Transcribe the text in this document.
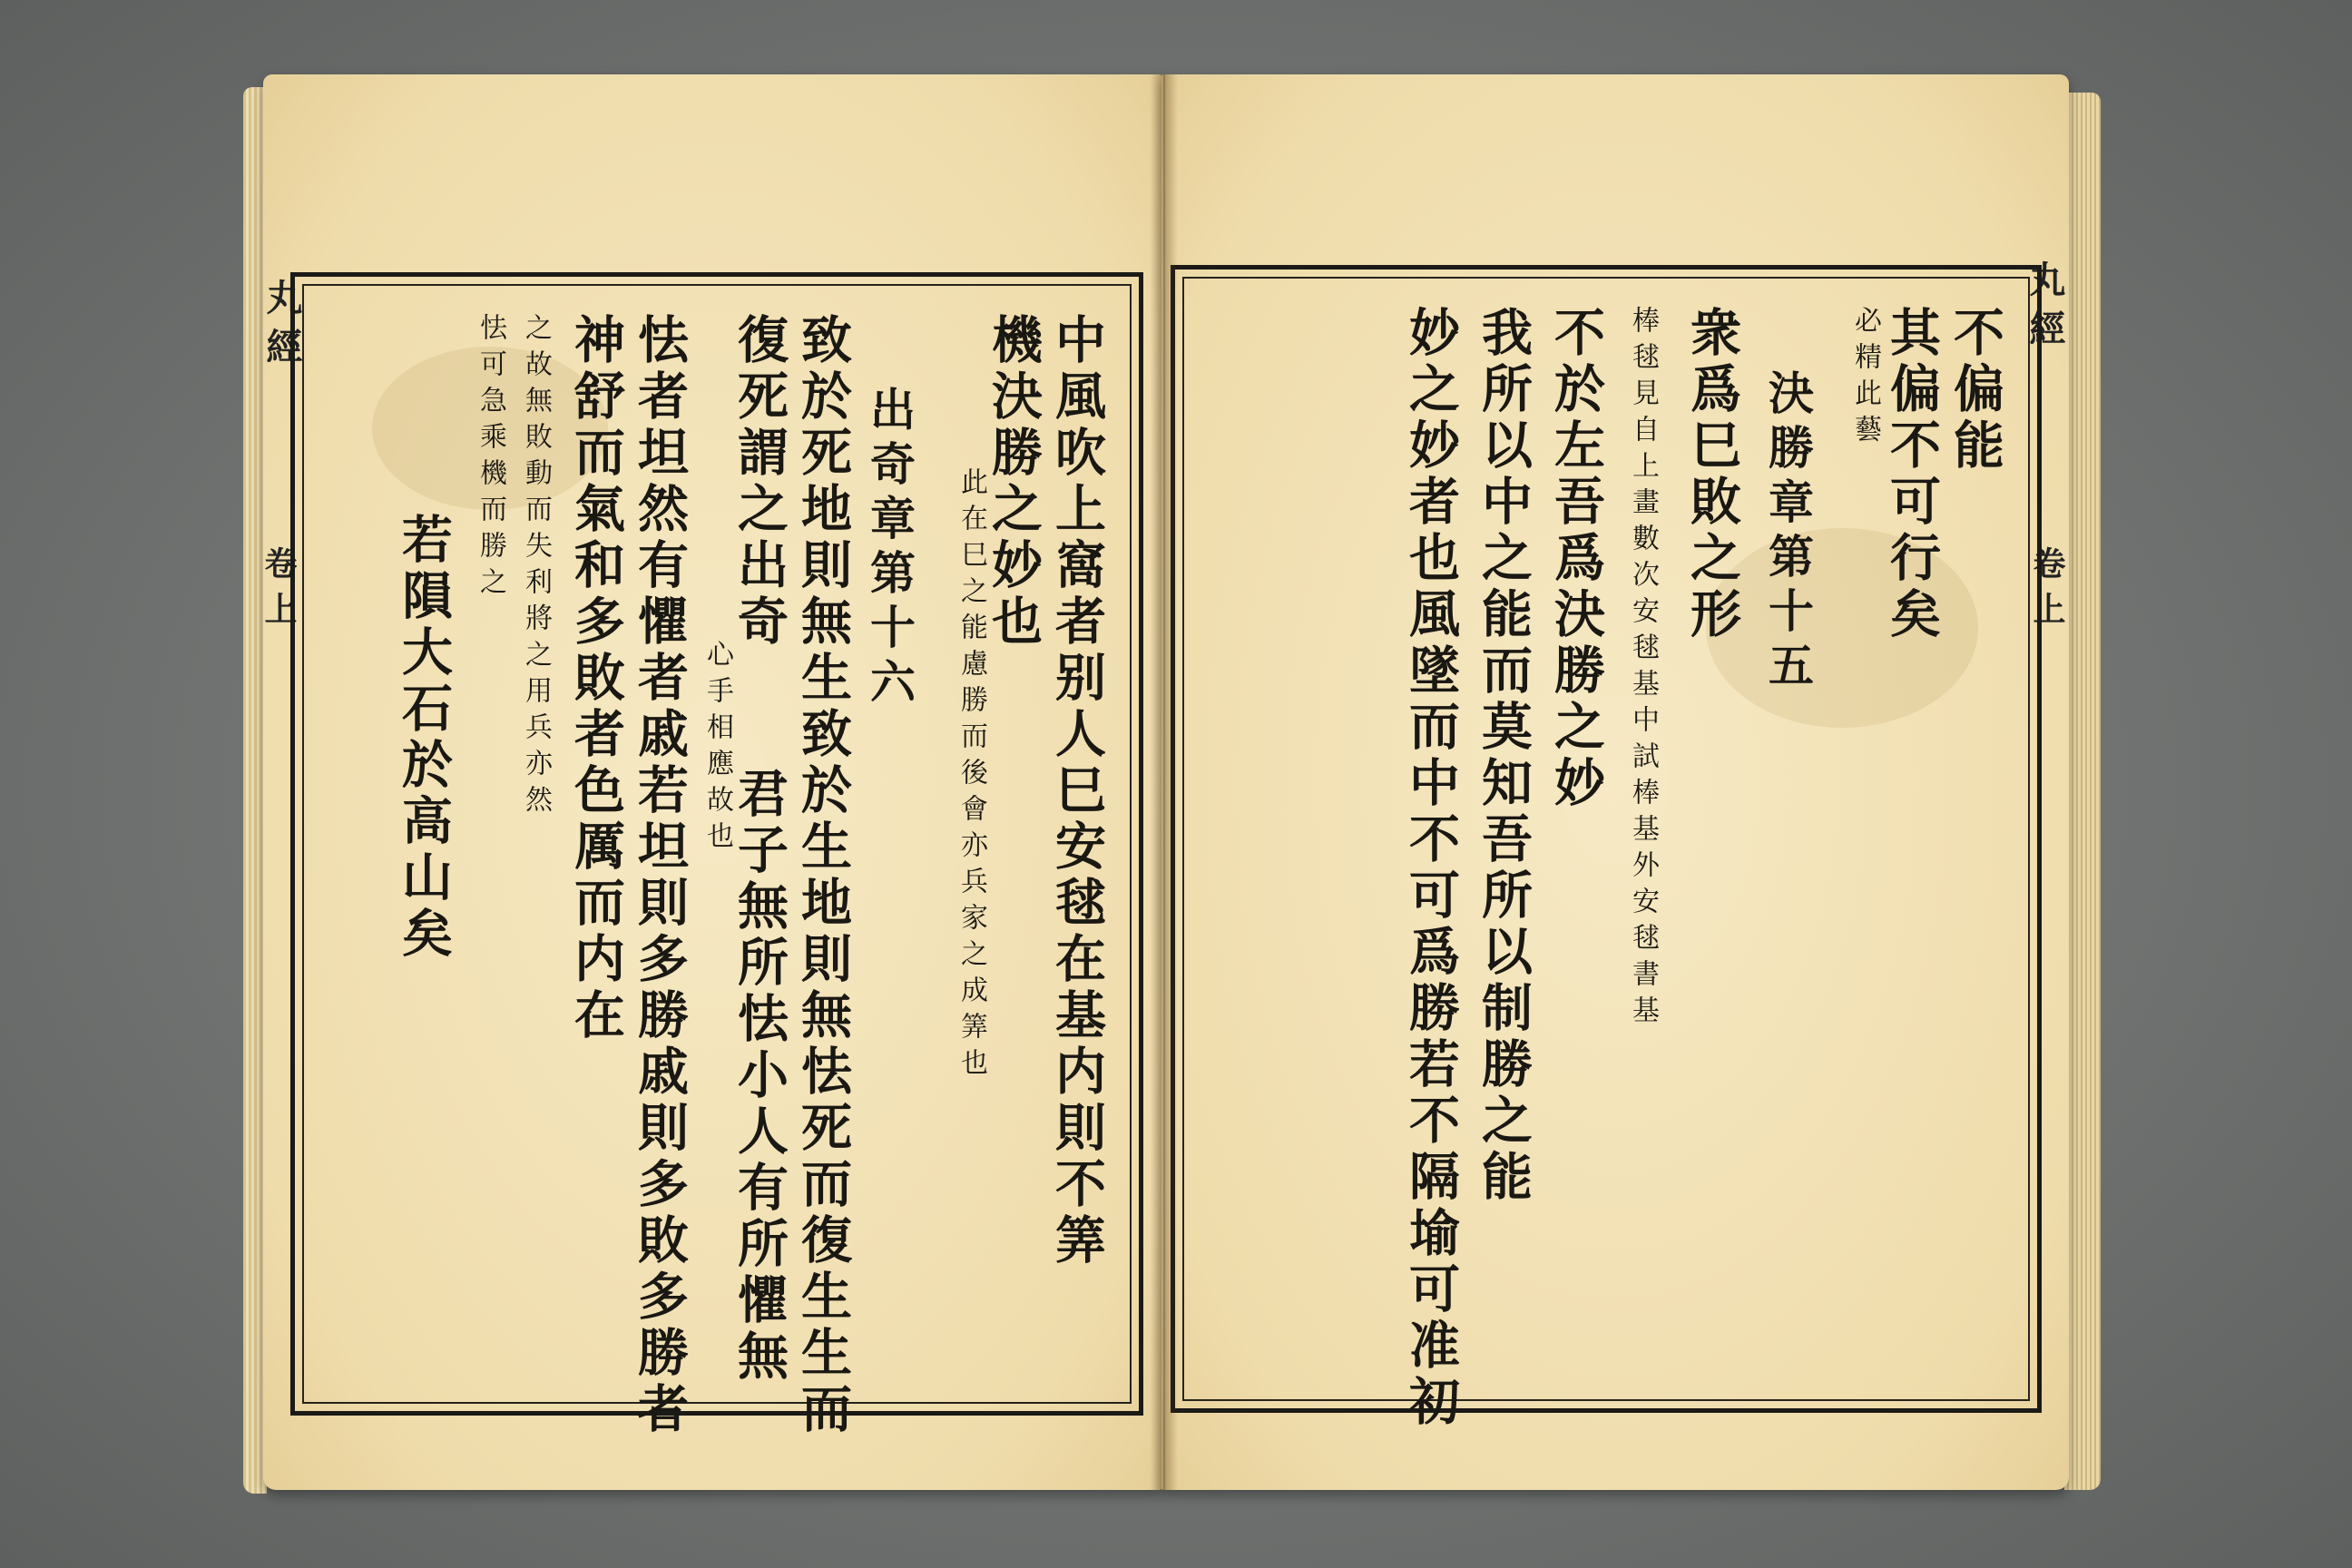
丸經
卷上	中風吹上窩者别人巳安毬在基内則不筭
機決勝之妙也
此在巳之能慮勝而後會亦兵家之成筭也
出奇章第十六
致於死地則無生致於生地則無怯死而復生生而
復死謂之出奇
心手相應故也
君子無所怯小人有所懼無
怯者坦然有懼者戚若坦則多勝戚則多敗多勝者
神舒而氣和多敗者色厲而内在
之故無敗動而失利將之用兵亦然
怯可急乘機而勝之
若隕大石於高山矣
丸經
卷上
不偏能
其偏不可行矣
必精此藝
決勝章第十五
衆爲巳敗之形
棒毬見自上畫數次安毬基中試棒基外安毬書基
不於左吾爲決勝之妙
我所以中之能而莫知吾所以制勝之能
妙之妙者也風墜而中不可爲勝若不隔堬可准初
